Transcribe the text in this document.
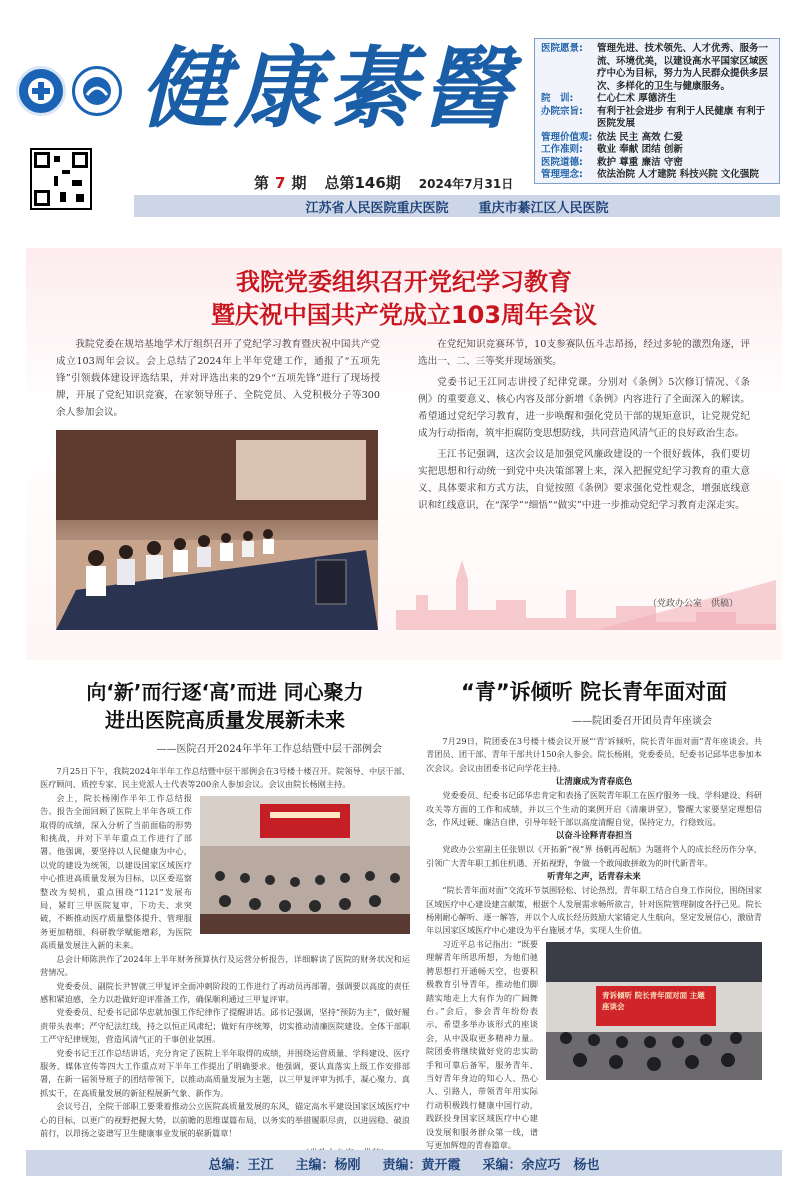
健康綦醫
第 7 期 总第146期 2024年7月31日
医院愿景:	管理先进、技术领先、人才优秀、服务一流、环境优美，以建设高水平国家区域医疗中心为目标，努力为人民群众提供多层次、多样化的卫生与健康服务。
院　训:	仁心仁术 厚德济生
办院宗旨:	有利于社会进步 有利于人民健康 有利于医院发展
管理价值观: 依法 民主 高效 仁爱
工作准则:	敬业 奉献 团结 创新
医院道德:	救护 尊重 廉洁 守密
管理理念:	依法治院 人才建院 科技兴院 文化强院
江苏省人民医院重庆医院 重庆市綦江区人民医院
我院党委组织召开党纪学习教育
暨庆祝中国共产党成立103周年会议

我院党委在规培基地学术厅组织召开了党纪学习教育暨庆祝中国共产党成立103周年会议。会上总结了2024年上半年党建工作，通报了“五项先锋”引领载体建设评选结果，并对评选出来的29个“五项先锋”进行了现场授牌，开展了党纪知识竞赛，在家领导班子、全院党员、入党积极分子等300余人参加会议。

在党纪知识竞赛环节，10支参赛队伍斗志昂扬，经过多轮的激烈角逐，评选出一、二、三等奖并现场颁奖。

党委书记王江同志讲授了纪律党课。分别对《条例》5次修订情况、《条例》的重要意义、核心内容及部分新增《条例》内容进行了全面深入的解读。希望通过党纪学习教育，进一步唤醒和强化党员干部的规矩意识，让党规党纪成为行动指南，筑牢拒腐防变思想防线，共同营造风清气正的良好政治生态。

王江书记强调，这次会议是加强党风廉政建设的一个很好载体，我们要切实把思想和行动统一到党中央决策部署上来，深入把握党纪学习教育的重大意义、具体要求和方式方法，自觉按照《条例》要求强化党性观念，增强底线意识和红线意识，在“深学”“细悟”“做实”中进一步推动党纪学习教育走深走实。

（党政办公室　供稿）
向‘新’而行逐‘高’而进 同心聚力
进出医院高质量发展新未来
——医院召开2024年半年工作总结暨中层干部例会

7月25日下午，我院2024年半年工作总结暨中层干部例会在3号楼十楼召开。院领导、中层干部、医疗顾问、质控专家、民主党派人士代表等200余人参加会议。会议由院长杨刚主持。

会上，院长杨刚作半年工作总结报告。报告全面回顾了医院上半年各项工作取得的成绩，深入分析了当前面临的形势和挑战，并对下半年重点工作进行了部署。他强调，要坚持以人民健康为中心，以党的建设为统领，以建设国家区域医疗中心推进高质量发展为目标，以区委巡察整改为契机，重点围绕“1121”发展布局，紧盯三甲医院复审，下功夫、求突破，不断推动医疗质量整体提升、管理服务更加精细、科研教学赋能增彩，为医院高质量发展注入新的未来。

总会计师陈洪作了2024年上半年财务预算执行及运营分析报告，详细解读了医院的财务状况和运营情况。

党委委员、副院长尹智就三甲复评全面冲刺阶段的工作进行了再动员再部署，强调要以高度的责任感和紧迫感，全力以赴做好迎评准备工作，确保顺利通过三甲复评审。

党委委员、纪委书记邱华忠就加强工作纪律作了提醒讲话。邱书记强调，坚持“预防为主”，做好履责带头表率；严守纪法红线，持之以恒正风肃纪；做好有序统筹，切实推动清廉医院建设。全体干部职工严守纪律规矩，营造风清气正的干事创业氛围。

党委书记王江作总结讲话，充分肯定了医院上半年取得的成绩，并围绕运营质量、学科建设、医疗服务、媒体宣传等四大工作重点对下半年工作提出了明确要求。他强调，要认真落实上级工作安排部署，在新一届领导班子的团结带领下，以推动高质量发展为主题，以三甲复评审为抓手，凝心聚力、真抓实干，在高质量发展的新征程展新气象、新作为。

会议号召，全院干部职工要秉着推动公立医院高质量发展的东风，锚定高水平建设国家区域医疗中心的目标，以更广的视野把握大势，以前瞻的思维谋篇布局，以务实的举措履职尽责，以进固稳、破浪前行，以昂扬之姿谱写卫生健康事业发展的崭新篇章！

“青”诉倾听 院长青年面对面
——院团委召开团员青年座谈会

7月29日，院团委在3号楼十楼会议开展“‘青’诉倾听，院长青年面对面”青年座谈会。共青团员、团干部、青年干部共计150余人参会。院长杨刚，党委委员、纪委书记邱华忠参加本次会议。会议由团委书记向学花主持。

让清廉成为青春底色

党委委员、纪委书记邱华忠肯定和表扬了医院青年职工在医疗服务一线、学科建设、科研攻关等方面的工作和成绩，并以三个生动的案例开启《清廉讲堂》，警醒大家要坚定理想信念，作风过硬、廉洁自律，引导年轻干部以高度清醒自觉，保持定力，行稳致远。

以奋斗诠释青春担当

党政办公室副主任张钡以《开拓新“视”界 扬帆再起航》为题将个人的成长经历作分享，引领广大青年职工抓住机遇、开拓视野，争做一个敢闯敢拼敢为的时代新青年。

听青年之声，话青春未来

“院长青年面对面”交流环节氛围轻松、讨论热烈，青年职工结合自身工作岗位，围绕国家区域医疗中心建设建言献策，根据个人发展需求畅所欲言，针对医院管理制度各抒己见。院长杨刚耐心解听、逐一解答，并以个人成长经历鼓励大家锚定人生航向，坚定发展信心，激励青年以国家区域医疗中心建设为平台施展才华，实现人生价值。

习近平总书记指出：“既要理解青年所思所想，为他们驰骋思想打开通畅天空，也要积极教育引导青年，推动他们脚踏实地走上大有作为的广阔舞台。”会后，参会青年纷纷表示，希望多举办该形式的座谈会，从中汲取更多精神力量。院团委将继续做好党的忠实助手和可靠后备军，服务青年、当好青年身边的知心人、热心人、引路人，带领青年用实际行动积极践行健康中国行动，践跃投身国家区域医疗中心建设发展和服务群众第一线，谱写更加辉煌的青春篇章。

青诉倾听 院长青年面对面 主题座谈会
总编：王江 主编：杨刚 责编：黄开霞 采编：余应巧　杨也
